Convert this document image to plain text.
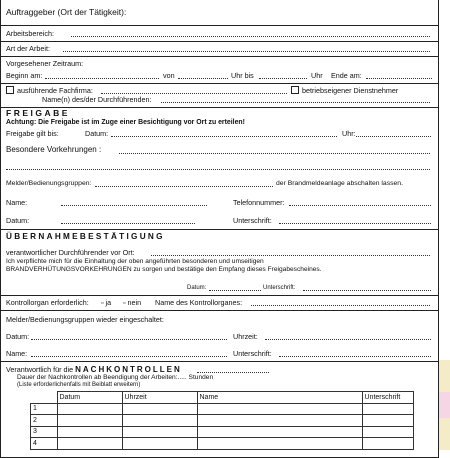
Auftraggeber (Ort der Tätigkeit):
Arbeitsbereich:
Art der Arbeit:
Vorgesehener Zeitraum:
Beginn am:	von	Uhr bis	Uhr Ende am:
ausführende Fachfirma:	betriebseigener Dienstnehmer
Name(n) des/der Durchführenden:
FREIGABE
Achtung: Die Freigabe ist im Zuge einer Besichtigung vor Ort zu erteilen!
Freigabe gilt bis:	Datum:	Uhr:
Besondere Vorkehrungen :
Melder/Bedienungsgruppen:	der Brandmeldeanlage abschalten lassen.
Name:	Telefonnummer:
Datum:	Unterschrift:
ÜBERNAHMEBESTÄTIGUNG
verantwortlicher Durchführender vor Ort:
Ich verpflichte mich für die Einhaltung der oben angeführten besonderen und umseitigen
BRANDVERHÜTUNGSVORKEHRUNGEN zu sorgen und bestätige den Empfang dieses Freigabescheines.
Datum:	Unterschrift:
Kontrollorgan erforderlich: ▫ ja ▫ nein Name des Kontrollorganes:
Melder/Bedienungsgruppen wieder eingeschaltet:
Datum:	Uhrzeit:
Name:	Unterschrift:
Verantwortlich für die NACHKONTROLLEN
Dauer der Nachkontrollen ab Beendigung der Arbeiten:..... Stunden
(Liste erforderlichenfalls mit Beiblatt erweitern)
	Datum	Uhrzeit	Name	Unterschrift
1				
2				
3				
4				
